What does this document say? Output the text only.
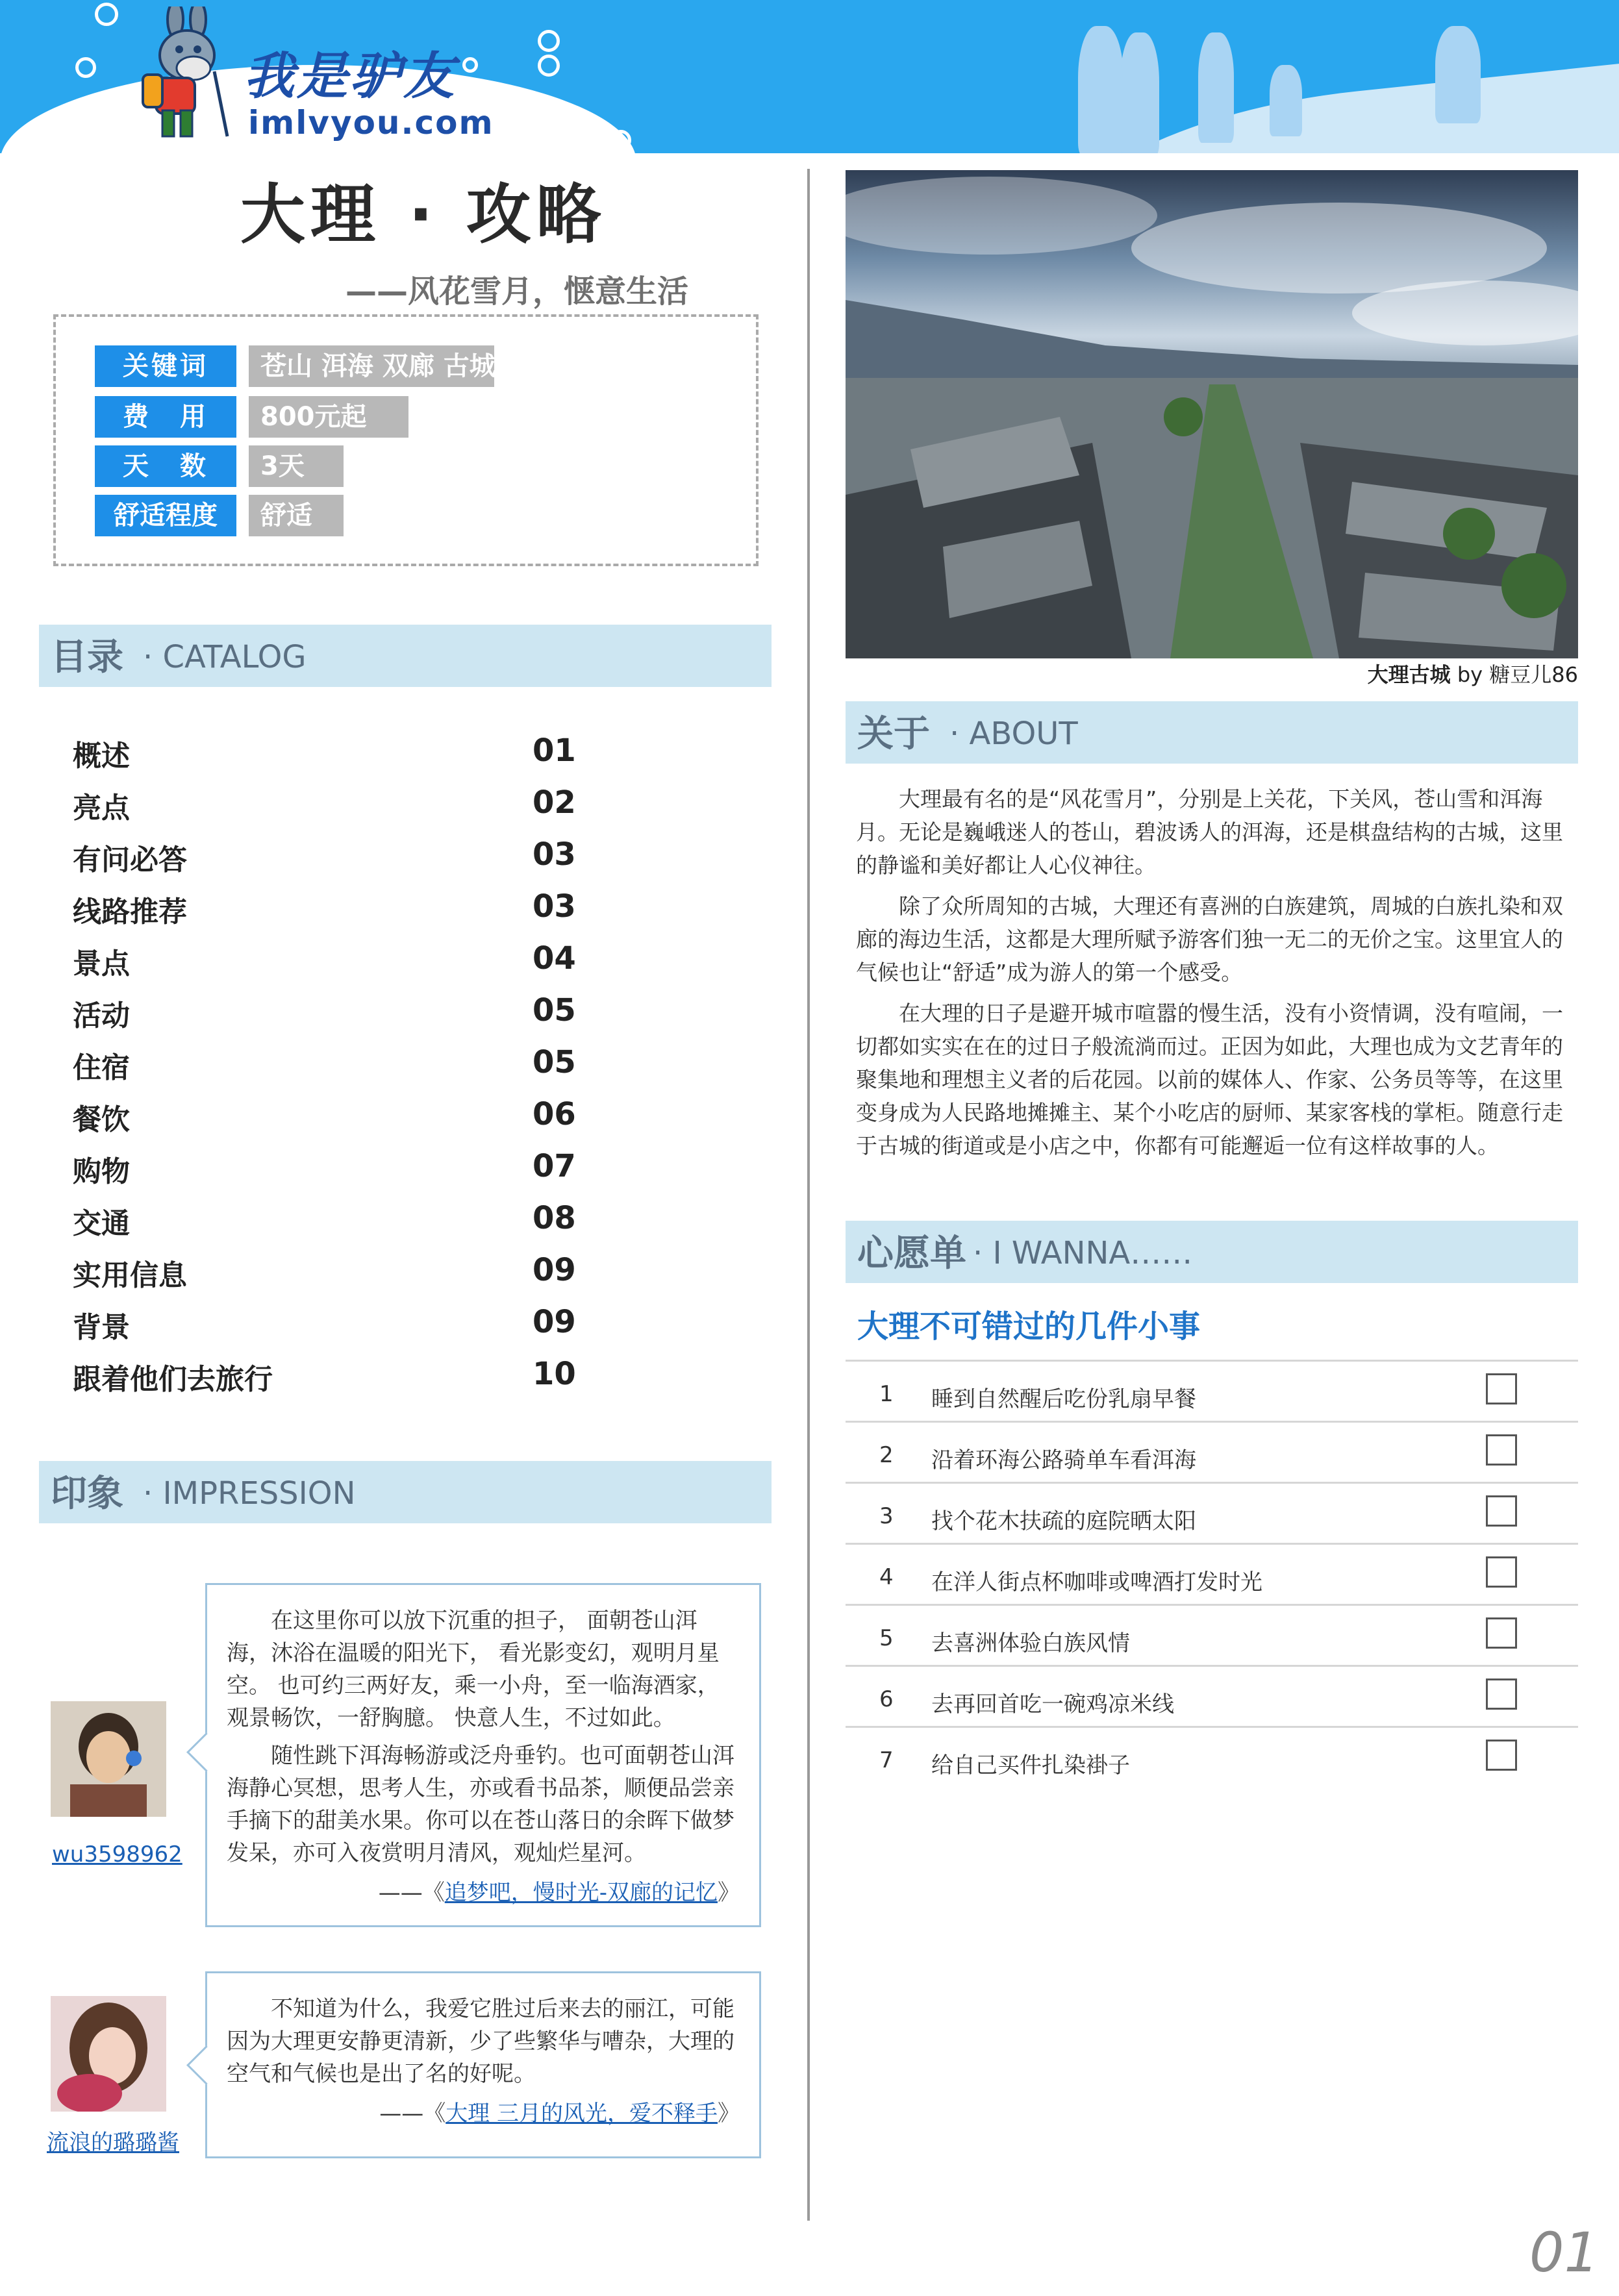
我是驴友
imlvyou.com
大理 · 攻略
——风花雪月，惬意生活
关键词	苍山 洱海 双廊 古城
费　用	800元起
天　数	3天
舒适程度	舒适
目录 · CATALOG
概述	01
亮点	02
有问必答	03
线路推荐	03
景点	04
活动	05
住宿	05
餐饮	06
购物	07
交通	08
实用信息	09
背景	09
跟着他们去旅行	10
印象 · IMPRESSION
wu3598962

在这里你可以放下沉重的担子， 面朝苍山洱海，沐浴在温暖的阳光下， 看光影变幻，观明月星空。 也可约三两好友，乘一小舟，至一临海酒家， 观景畅饮，一舒胸臆。 快意人生，不过如此。

随性跳下洱海畅游或泛舟垂钓。也可面朝苍山洱海静心冥想，思考人生，亦或看书品茶，顺便品尝亲手摘下的甜美水果。你可以在苍山落日的余晖下做梦发呆，亦可入夜赏明月清风，观灿烂星河。

——《追梦吧，慢时光-双廊的记忆》
流浪的璐璐酱

不知道为什么，我爱它胜过后来去的丽江，可能因为大理更安静更清新，少了些繁华与嘈杂，大理的空气和气候也是出了名的好呢。

——《大理 三月的风光，爱不释手》
大理古城 by 糖豆儿86
关于 · ABOUT

大理最有名的是“风花雪月”，分别是上关花，下关风，苍山雪和洱海月。无论是巍峨迷人的苍山，碧波诱人的洱海，还是棋盘结构的古城，这里的静谧和美好都让人心仪神往。

除了众所周知的古城，大理还有喜洲的白族建筑，周城的白族扎染和双廊的海边生活，这都是大理所赋予游客们独一无二的无价之宝。这里宜人的气候也让“舒适”成为游人的第一个感受。

在大理的日子是避开城市喧嚣的慢生活，没有小资情调，没有喧闹，一切都如实实在在的过日子般流淌而过。正因为如此，大理也成为文艺青年的聚集地和理想主义者的后花园。以前的媒体人、作家、公务员等等，在这里变身成为人民路地摊摊主、某个小吃店的厨师、某家客栈的掌柜。随意行走于古城的街道或是小店之中，你都有可能邂逅一位有这样故事的人。

心愿单 · I WANNA……
大理不可错过的几件小事
1 睡到自然醒后吃份乳扇早餐
2 沿着环海公路骑单车看洱海
3 找个花木扶疏的庭院晒太阳
4 在洋人街点杯咖啡或啤酒打发时光
5 去喜洲体验白族风情
6 去再回首吃一碗鸡凉米线
7 给自己买件扎染褂子
01
